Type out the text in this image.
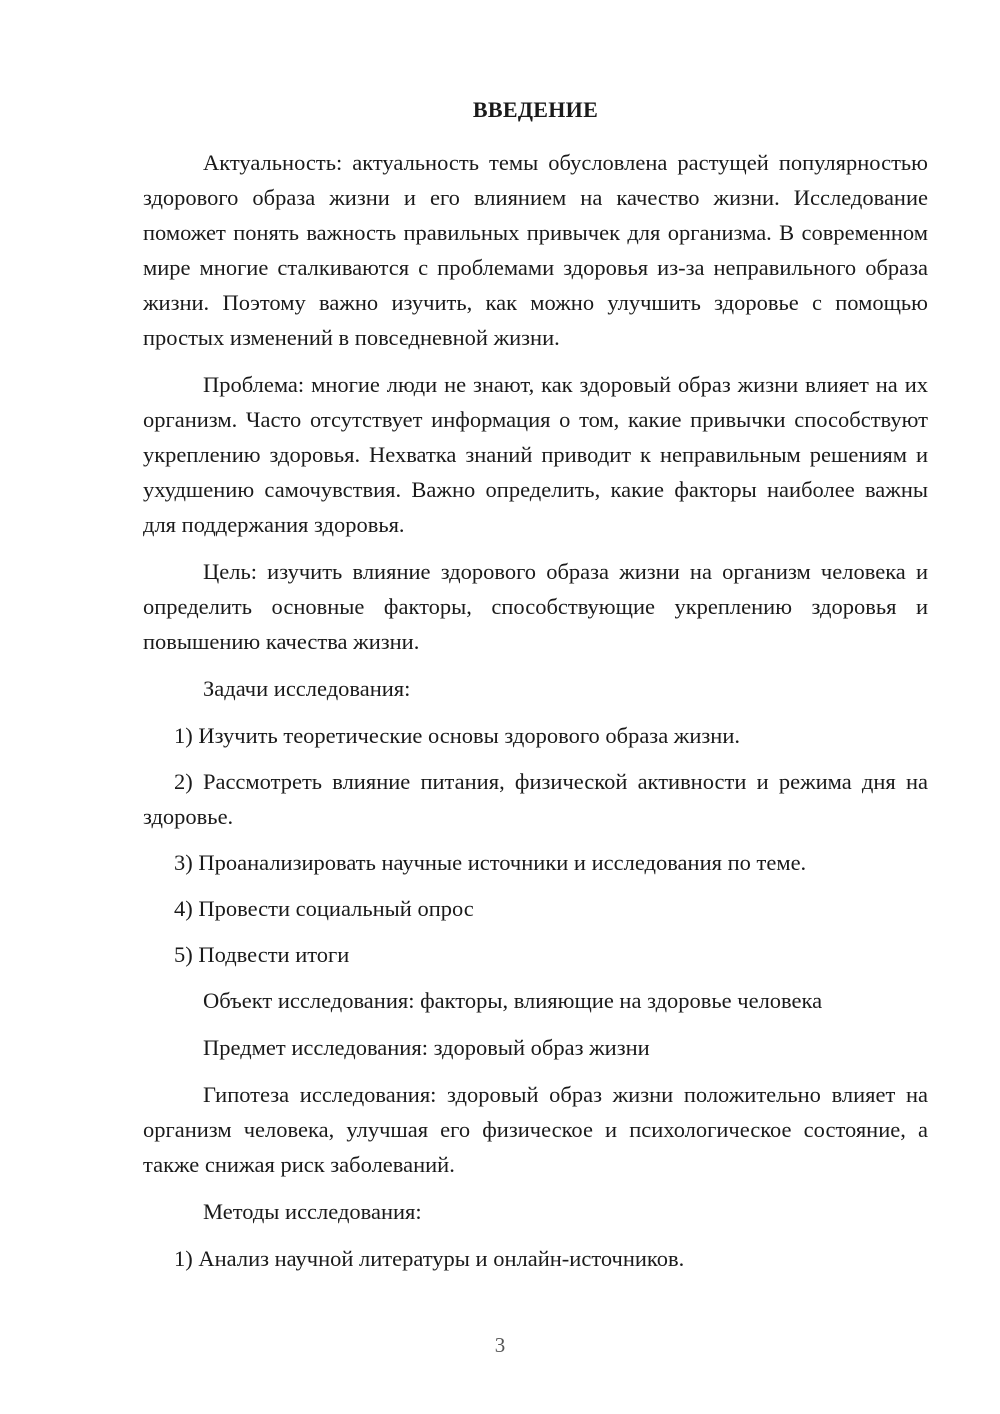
ВВЕДЕНИЕ

Актуальность: актуальность темы обусловлена растущей популярностью здорового образа жизни и его влиянием на качество жизни. Исследование поможет понять важность правильных привычек для организма. В современном мире многие сталкиваются с проблемами здоровья из-за неправильного образа жизни. Поэтому важно изучить, как можно улучшить здоровье с помощью простых изменений в повседневной жизни.

Проблема: многие люди не знают, как здоровый образ жизни влияет на их организм. Часто отсутствует информация о том, какие привычки способствуют укреплению здоровья. Нехватка знаний приводит к неправильным решениям и ухудшению самочувствия. Важно определить, какие факторы наиболее важны для поддержания здоровья.

Цель: изучить влияние здорового образа жизни на организм человека и определить основные факторы, способствующие укреплению здоровья и повышению качества жизни.

Задачи исследования:

1) Изучить теоретические основы здорового образа жизни.

2) Рассмотреть влияние питания, физической активности и режима дня на здоровье.

3) Проанализировать научные источники и исследования по теме.

4) Провести социальный опрос

5) Подвести итоги

Объект исследования: факторы, влияющие на здоровье человека

Предмет исследования: здоровый образ жизни

Гипотеза исследования: здоровый образ жизни положительно влияет на организм человека, улучшая его физическое и психологическое состояние, а также снижая риск заболеваний.

Методы исследования:

1) Анализ научной литературы и онлайн-источников.

3
